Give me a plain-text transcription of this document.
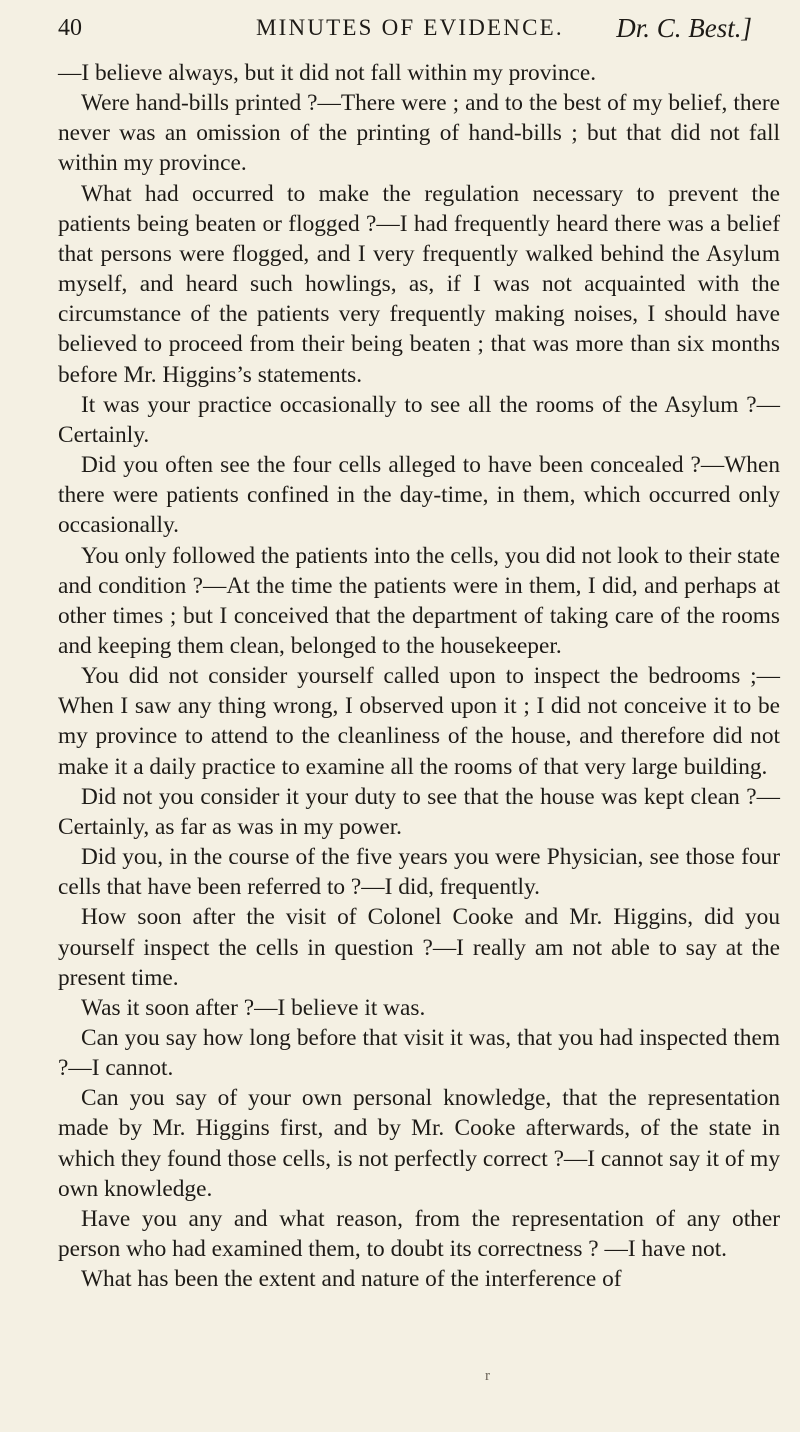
40	MINUTES OF EVIDENCE. Dr. C. Best.]

—I believe always, but it did not fall within my province.

Were hand-bills printed ?—There were ; and to the best of my belief, there never was an omission of the printing of hand-bills ; but that did not fall within my province.

What had occurred to make the regulation necessary to prevent the patients being beaten or flogged ?—I had frequently heard there was a belief that persons were flogged, and I very frequently walked behind the Asylum myself, and heard such howlings, as, if I was not acquainted with the circumstance of the patients very frequently making noises, I should have believed to proceed from their being beaten ; that was more than six months before Mr. Higgins’s statements.

It was your practice occasionally to see all the rooms of the Asylum ?—Certainly.

Did you often see the four cells alleged to have been concealed ?—When there were patients confined in the day-time, in them, which occurred only occasionally.

You only followed the patients into the cells, you did not look to their state and condition ?—At the time the patients were in them, I did, and perhaps at other times ; but I conceived that the department of taking care of the rooms and keeping them clean, belonged to the housekeeper.

You did not consider yourself called upon to inspect the bedrooms ;—When I saw any thing wrong, I observed upon it ; I did not conceive it to be my province to attend to the cleanliness of the house, and therefore did not make it a daily practice to examine all the rooms of that very large building.

Did not you consider it your duty to see that the house was kept clean ?—Certainly, as far as was in my power.

Did you, in the course of the five years you were Physician, see those four cells that have been referred to ?—I did, frequently.

How soon after the visit of Colonel Cooke and Mr. Higgins, did you yourself inspect the cells in question ?—I really am not able to say at the present time.

Was it soon after ?—I believe it was.

Can you say how long before that visit it was, that you had inspected them ?—I cannot.

Can you say of your own personal knowledge, that the representation made by Mr. Higgins first, and by Mr. Cooke afterwards, of the state in which they found those cells, is not perfectly correct ?—I cannot say it of my own knowledge.

Have you any and what reason, from the representation of any other person who had examined them, to doubt its correctness ? —I have not.

What has been the extent and nature of the interference of

r
